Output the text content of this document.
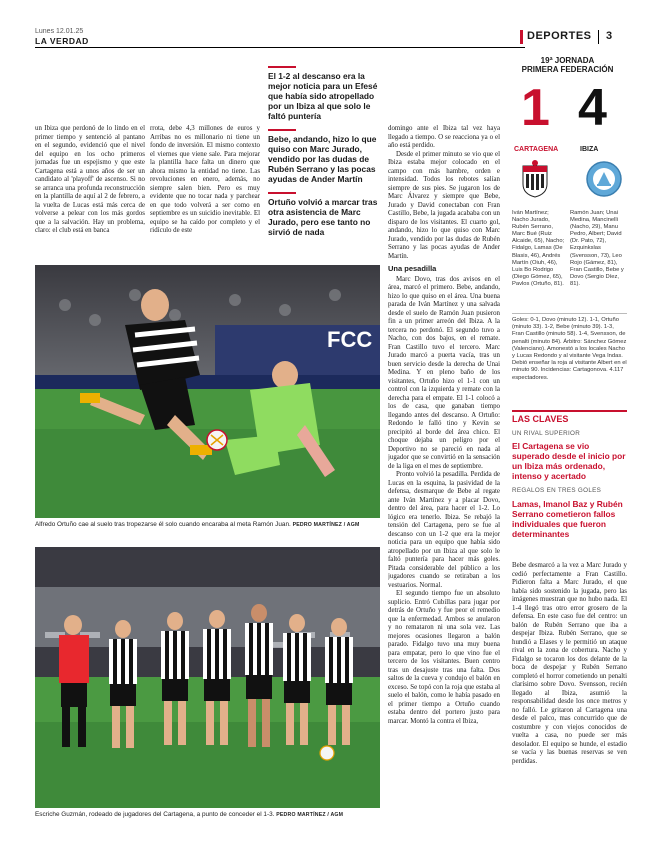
Lunes 12.01.25
LA VERDAD	DEPORTES 3

un Ibiza que perdonó de lo lindo en el primer tiempo y sentenció al pantano en el segundo, evidenció que el nivel del equipo en los ocho primeros jornadas fue un espejismo y que este Cartagena está a unos años de ser un candidato al 'playoff' de ascenso. Si no se arranca una profunda reconstrucción en la plantilla de aquí al 2 de febrero, a la vuelta de Lucas está más cerca de volverse a pelear con los más gordos que a la salvación. Hay un problema, claro: el club está en banca

rrota, debe 4,3 millones de euros y Arribas no es millonario ni tiene un fondo de inversión. El mismo contexto el viernes que viene sale. Para mejorar la plantilla hace falta un dinero que ahora mismo la entidad no tiene. Las revoluciones en enero, además, no siempre salen bien. Pero es muy evidente que no tocar nada y parchear en que todo volverá a ser como en septiembre es un suicidio inevitable. El equipo se ha caído por completo y el ridículo de este

El 1-2 al descanso era la mejor noticia para un Efesé que había sido atropellado por un Ibiza al que solo le faltó puntería
Bebe, andando, hizo lo que quiso con Marc Jurado, vendido por las dudas de Rubén Serrano y las pocas ayudas de Ander Martín
Ortuño volvió a marcar tras otra asistencia de Marc Jurado, pero ese tanto no sirvió de nada

domingo ante el Ibiza tal vez haya llegado a tiempo. O se reacciona ya o el año está perdido.

Desde el primer minuto se vio que el Ibiza estaba mejor colocado en el campo con más hambre, orden e intensidad. Todos los rebotes salían siempre de sus pies. Se jugaron los de Marc Álvarez y siempre que Bebe, Jurado y David conectaban con Fran Castillo, Bebe, la jugada acababa con un disparo de los visitantes. El cuarto gol, andando, hizo lo que quiso con Marc Jurado, vendido por las dudas de Rubén Serrano y las pocas ayudas de Ander Martín.

Una pesadilla

Marc Dovo, tras dos avisos en el área, marcó el primero. Bebe, andando, hizo lo que quiso en el área. Una buena parada de Iván Martínez y una salvada desde el suelo de Ramón Juan pusieron fin a un primer arreón del Ibiza. A la tercera no perdonó. El segundo tuvo a Nacho, con dos bajos, en el remate. Fran Castillo tuvo el tercero. Marc Jurado marcó a puerta vacía, tras un buen servicio desde la derecha de Unai Medina. Y en pleno baño de los visitantes, Ortuño hizo el 1-1 con un control con la izquierda y remate con la derecha para el empate. El 1-1 colocó a los de casa, que ganaban tiempo llegando antes del descanso. A Ortuño: Redondo le falló tino y Kevin se precipitó al borde del área chico. El choque dejaba un peligro por el Deportivo no se pareció en nada al jugador que se convirtió en la sensación de la liga en el mes de septiembre.

Pronto volvió la pesadilla. Perdida de Lucas en la esquina, la pasividad de la defensa, desmarque de Bebe al regate ante Iván Martínez y a placar Dovo, dentro del área, para hacer el 1-2. Lo lógico era tenerlo. Ibiza. Se rebajó la tensión del Cartagena, pero se fue al descanso con un 1-2 que era la mejor noticia para un equipo que había sido atropellado por un Ibiza al que solo le faltó puntería para hacer más goles. Pitada considerable del público a los jugadores cuando se retiraban a los vestuarios. Normal.

El segundo tiempo fue un absoluto suplicio. Entró Cubillas para jugar por detrás de Ortuño y fue peor el remedio que la enfermedad. Ambos se anularon y no remataron ni una sola vez. Las mejores ocasiones llegaron a balón parado. Fidalgo tuvo una muy buena para empatar, pero lo que vino fue el tercero de los visitantes. Buen centro tras un desajuste tras una falta. Dos saltos de la cueva y condujo el balón en exceso. Se topó con la roja que estaba al suelo el balón, como le había pasado en el primer tiempo a Ortuño cuando estaba dentro del portero justo para marcar. Montó la contra el Ibiza,

19ª JORNADA
PRIMERA FEDERACIÓN
1 4
CARTAGENA	IBIZA
Iván Martínez; Nacho Jurado, Rubén Serrano, Marc Bué (Ruiz Alcaide, 65), Nacho; Fidalgo, Lamas (De Blasis, 46), Andrés Martín (Oiuh, 46), Luis Bo Rodrigo (Diego Gómez, 65), Pavlos (Ortuño, 81).
Ramón Juan; Unai Medina, Mancinelli (Nacho, 29), Manu Pedro, Albert; David (Dr. Pato, 72), Ezquinkslas (Svensson, 73), Leo Rojo (Gámez, 81), Fran Castillo, Bebe y Dovo (Sergio Díez, 81).
Goles: 0-1, Dovo (minuto 12). 1-1, Ortuño (minuto 33). 1-2, Bebe (minuto 39). 1-3, Fran Castillo (minuto 58). 1-4, Svensson, de penalti (minuto 84). Árbitro: Sánchez Gómez (Valenciano). Amonestó a los locales Nacho y Lucas Redondo y al visitante Vega Indas. Debió enseñar la roja al visitante Albert en el minuto 90. Incidencias: Cartagonova. 4.117 espectadores.
LAS CLAVES
UN RIVAL SUPERIOR
El Cartagena se vio superado desde el inicio por un Ibiza más ordenado, intenso y acertado
REGALOS EN TRES GOLES
Lamas, Imanol Baz y Rubén Serrano cometieron fallos individuales que fueron determinantes

Bebe desmarcó a la vez a Marc Jurado y cedió perfectamente a Fran Castillo. Pidieron falta a Marc Jurado, el que había sido sostenido la jugada, pero las imágenes muestran que no hubo nada. El 1-4 llegó tras otro error grosero de la defensa. En este caso fue del centro: un balón de Rubén Serrano que iba a despejar Ibiza. Rubén Serrano, que se hundió a Elases y le permitió un ataque rival en la zona de cobertura. Nacho y Fidalgo se tocaron los dos delante de la boca de despejar y Rubén Serrano completó el horror cometiendo un penalti clarísimo sobre Dovo. Svensson, recién llegado al Ibiza, asumió la responsabilidad desde los once metros y no falló. Le gritaron al Cartagena una desde el palco, mas concurrido que de costumbre y con viejos conocidos de vuelta a casa, no puede ser más desolador. El equipo se hunde, el estadio se vacía y las buenas reservas se ven perdidas.

FCC
Alfredo Ortuño cae al suelo tras tropezarse él solo cuando encaraba al meta Ramón Juan. PEDRO MARTÍNEZ / AGM
Escriche Guzmán, rodeado de jugadores del Cartagena, a punto de conceder el 1-3. PEDRO MARTÍNEZ / AGM
